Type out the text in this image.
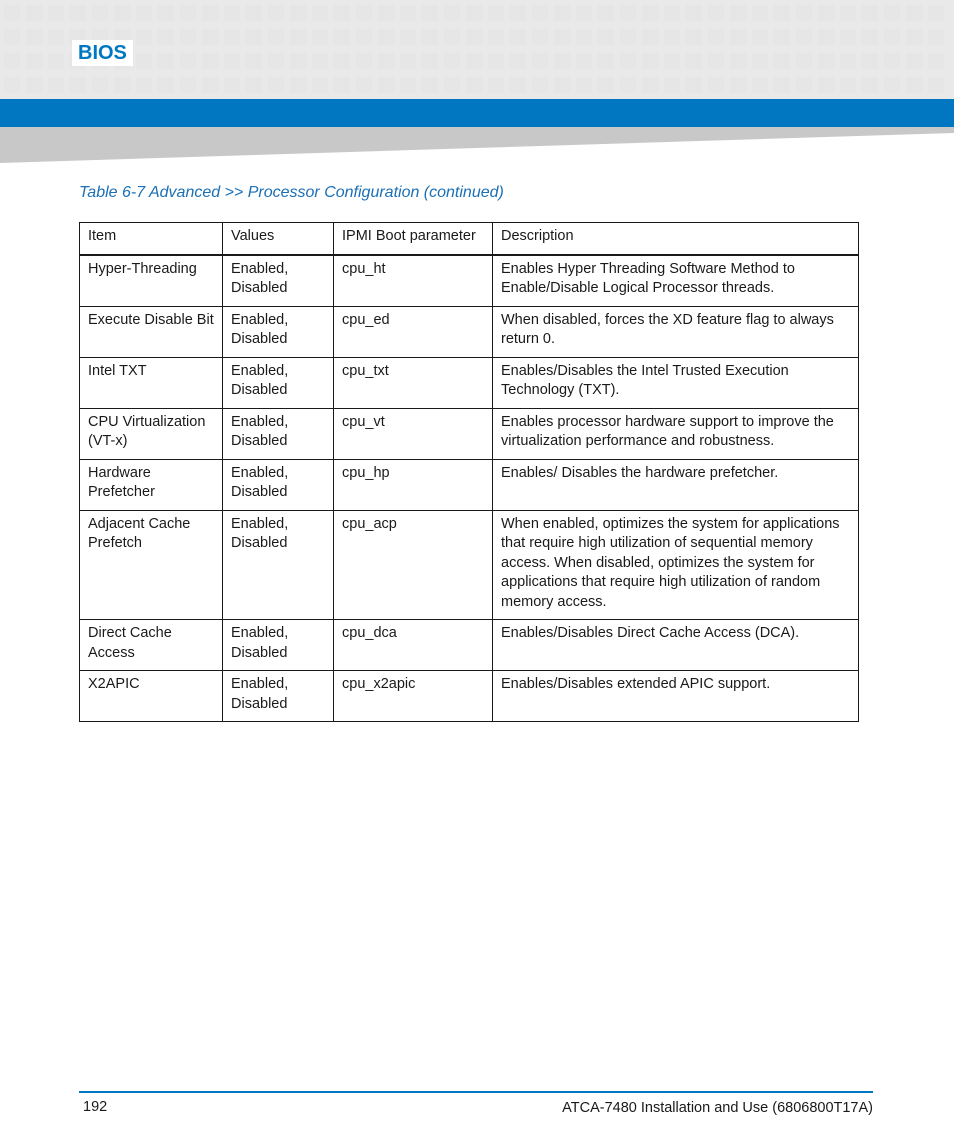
BIOS
Table 6-7 Advanced >> Processor Configuration (continued)
Item	Values	IPMI Boot parameter	Description
Hyper-Threading	Enabled, Disabled	cpu_ht	Enables Hyper Threading Software Method to Enable/Disable Logical Processor threads.
Execute Disable Bit	Enabled, Disabled	cpu_ed	When disabled, forces the XD feature flag to always return 0.
Intel TXT	Enabled, Disabled	cpu_txt	Enables/Disables the Intel Trusted Execution Technology (TXT).
CPU Virtualization (VT-x)	Enabled, Disabled	cpu_vt	Enables processor hardware support to improve the virtualization performance and robustness.
Hardware Prefetcher	Enabled, Disabled	cpu_hp	Enables/ Disables the hardware prefetcher.
Adjacent Cache Prefetch	Enabled, Disabled	cpu_acp	When enabled, optimizes the system for applications that require high utilization of sequential memory access. When disabled, optimizes the system for applications that require high utilization of random memory access.
Direct Cache Access	Enabled, Disabled	cpu_dca	Enables/Disables Direct Cache Access (DCA).
X2APIC	Enabled, Disabled	cpu_x2apic	Enables/Disables extended APIC support.
192	ATCA-7480 Installation and Use (6806800T17A)
